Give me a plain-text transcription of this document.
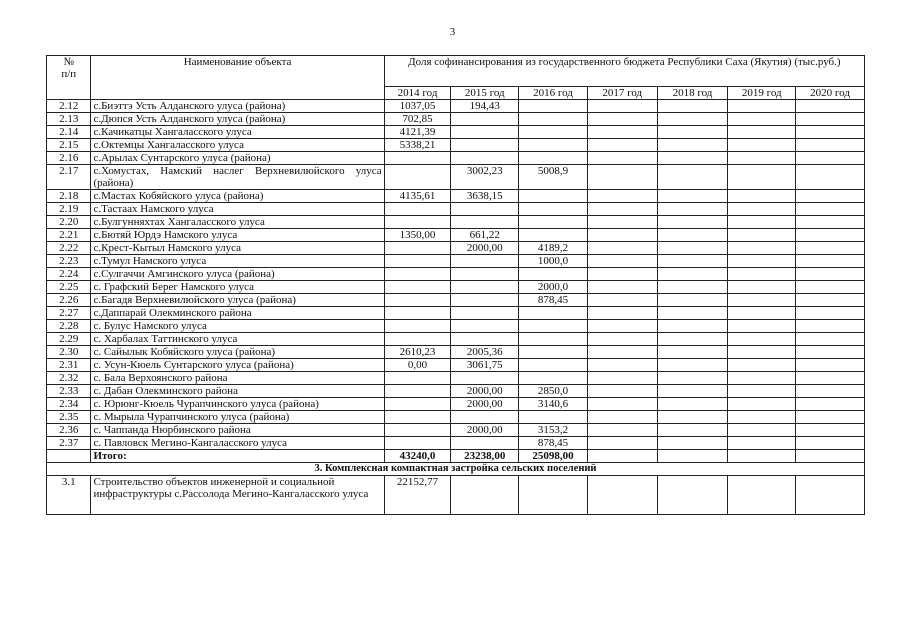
3
№
п/п	Наименование объекта	Доля софинансирования из государственного бюджета Республики Саха (Якутия) (тыс.руб.)						
		2014 год	2015 год	2016 год	2017 год	2018 год	2019 год	2020 год
2.12	с.Биэттэ Усть Алданского улуса (района)	1037,05	194,43					
2.13	с.Дюпся Усть Алданского улуса (района)	702,85						
2.14	с.Качикатцы Хангаласского улуса	4121,39						
2.15	с.Октемцы Хангаласского улуса	5338,21						
2.16	с.Арылах Сунтарского улуса (района)							
2.17	с.Хомустах, Намский наслег Верхневилюйского улуса (района)		3002,23	5008,9				
2.18	с.Мастах Кобяйского улуса (района)	4135,61	3638,15					
2.19	с.Тастаах Намского улуса							
2.20	с.Булгунняхтах Хангаласского улуса							
2.21	с.Бютяй Юрдэ Намского улуса	1350,00	661,22					
2.22	с.Крест-Кытыл Намского улуса		2000,00	4189,2				
2.23	с.Тумул Намского улуса			1000,0				
2.24	с.Сулгаччи Амгинского улуса (района)							
2.25	с. Графский Берег Намского улуса			2000,0				
2.26	с.Багадя Верхневилюйского улуса (района)			878,45				
2.27	с.Даппарай Олекминского района							
2.28	с. Булус Намского улуса							
2.29	с. Харбалах Таттинского улуса							
2.30	с. Сайылык Кобяйского улуса (района)	2610,23	2005,36					
2.31	с. Усун-Кюель Сунтарского улуса (района)	0,00	3061,75					
2.32	с. Бала Верхоянского района							
2.33	с. Дабан Олекминского района		2000,00	2850,0				
2.34	с. Юрюнг-Кюель Чурапчинского улуса (района)		2000,00	3140,6				
2.35	с. Мырыла Чурапчинского улуса (района)							
2.36	с. Чаппанда Нюрбинского района		2000,00	3153,2				
2.37	с. Павловск Мегино-Кангаласского улуса			878,45				
	Итого:	43240,0	23238,00	25098,00				
3. Комплексная компактная застройка сельских поселений								
3.1	Строительство объектов инженерной и социальной инфраструктуры с.Рассолода Мегино-Кангаласского улуса	22152,77						
